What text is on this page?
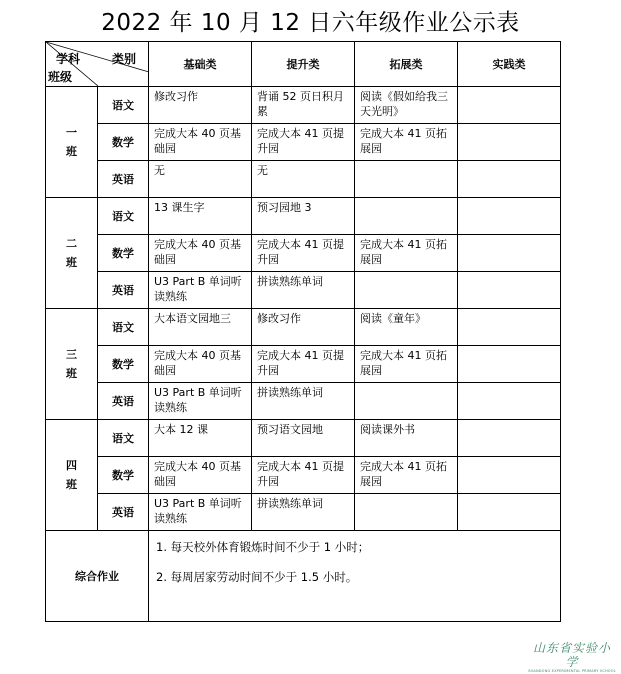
2022 年 10 月 12 日六年级作业公示表
学科 类别
班级		基础类	提升类	拓展类	实践类

一
班	语文	修改习作	背诵 52 页日积月累	阅读《假如给我三天光明》	
	数学	完成大本 40 页基础园	完成大本 41 页提升园	完成大本 41 页拓展园	
	英语	无	无		

二
班	语文	13 课生字	预习园地 3		
	数学	完成大本 40 页基础园	完成大本 41 页提升园	完成大本 41 页拓展园	
	英语	U3 Part B 单词听读熟练	拼读熟练单词		

三
班	语文	大本语文园地三	修改习作	阅读《童年》	
	数学	完成大本 40 页基础园	完成大本 41 页提升园	完成大本 41 页拓展园	
	英语	U3 Part B 单词听读熟练	拼读熟练单词		

四
班	语文	大本 12 课	预习语文园地	阅读课外书	
	数学	完成大本 40 页基础园	完成大本 41 页提升园	完成大本 41 页拓展园	
	英语	U3 Part B 单词听读熟练	拼读熟练单词		
综合作业		1. 每天校外体育锻炼时间不少于 1 小时；

2. 每周居家劳动时间不少于 1.5 小时。			

山东省实验小学
SHANDONG EXPERIMENTAL PRIMARY SCHOOL
